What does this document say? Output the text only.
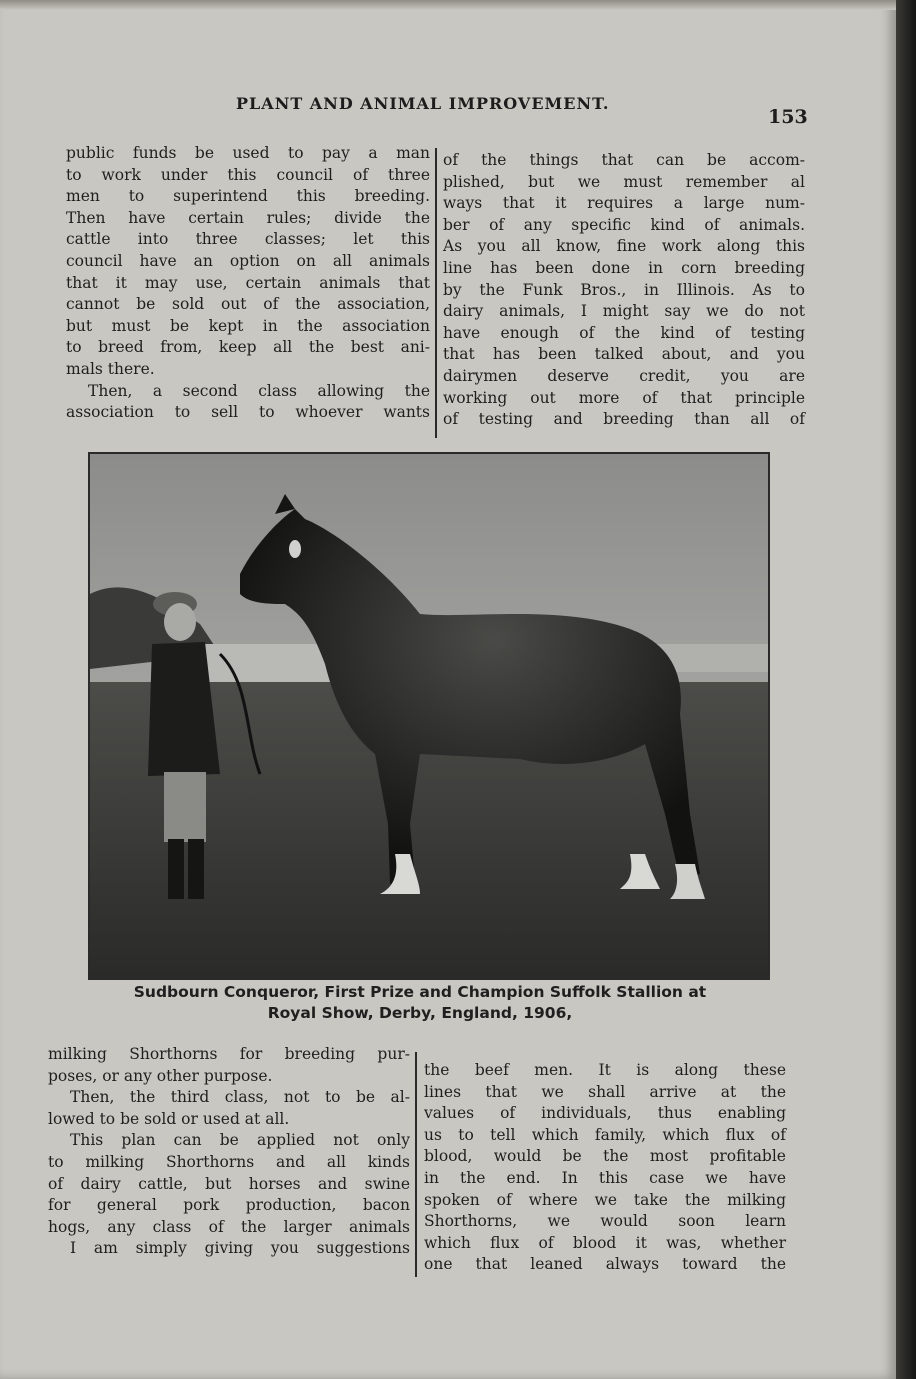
PLANT AND ANIMAL IMPROVEMENT.
153
public funds be used to pay a man
to work under this council of three
men to superintend this breeding.
Then have certain rules; divide the
cattle into three classes; let this
council have an option on all animals
that it may use, certain animals that
cannot be sold out of the association,
but must be kept in the association
to breed from, keep all the best ani-
mals there.
Then, a second class allowing the
association to sell to whoever wants
of the things that can be accom-
plished, but we must remember al
ways that it requires a large num-
ber of any specific kind of animals.
As you all know, fine work along this
line has been done in corn breeding
by the Funk Bros., in Illinois. As to
dairy animals, I might say we do not
have enough of the kind of testing
that has been talked about, and you
dairymen deserve credit, you are
working out more of that principle
of testing and breeding than all of
Sudbourn Conqueror, First Prize and Champion Suffolk Stallion at
Royal Show, Derby, England, 1906,
milking Shorthorns for breeding pur-
poses, or any other purpose.
Then, the third class, not to be al-
lowed to be sold or used at all.
This plan can be applied not only
to milking Shorthorns and all kinds
of dairy cattle, but horses and swine
for general pork production, bacon
hogs, any class of the larger animals
I am simply giving you suggestions
the beef men. It is along these
lines that we shall arrive at the
values of individuals, thus enabling
us to tell which family, which flux of
blood, would be the most profitable
in the end. In this case we have
spoken of where we take the milking
Shorthorns, we would soon learn
which flux of blood it was, whether
one that leaned always toward the
